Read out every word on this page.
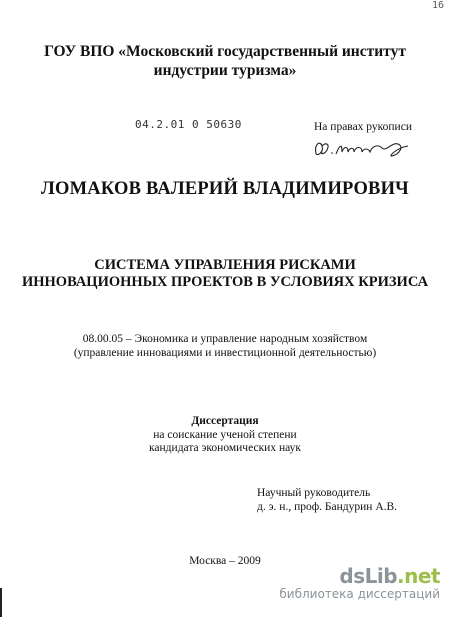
16
ГОУ ВПО «Московский государственный институт
индустрии туризма»
04.2.01 0 50630	На правах рукописи
ЛОМАКОВ ВАЛЕРИЙ ВЛАДИМИРОВИЧ
СИСТЕМА УПРАВЛЕНИЯ РИСКАМИ
ИННОВАЦИОННЫХ ПРОЕКТОВ В УСЛОВИЯХ КРИЗИСА
08.00.05 – Экономика и управление народным хозяйством
(управление инновациями и инвестиционной деятельностью)
Диссертация
на соискание ученой степени
кандидата экономических наук
Научный руководитель
д. э. н., проф. Бандурин А.В.
Москва – 2009
dsLib.net
библиотека диссертаций
